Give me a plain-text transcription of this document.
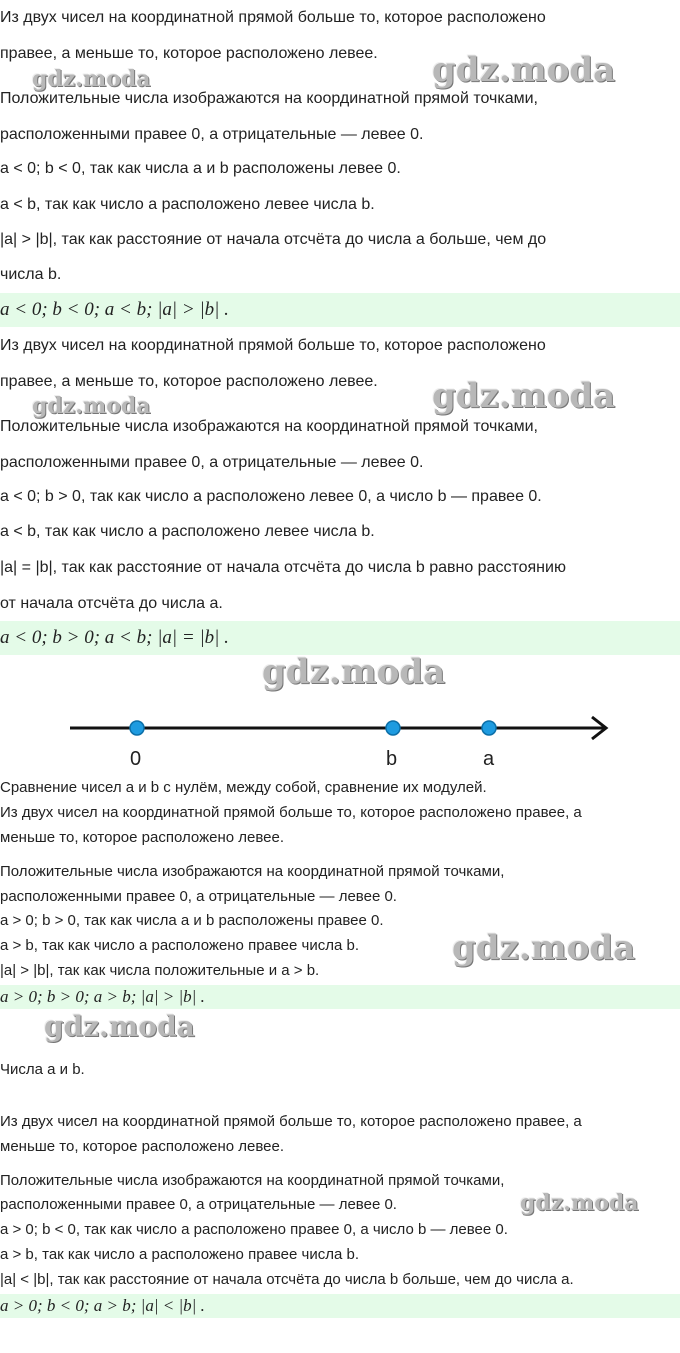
Из двух чисел на координатной прямой больше то, которое расположено
правее, а меньше то, которое расположено левее.
gdz.moda	gdz.moda
Положительные числа изображаются на координатной прямой точками,
расположенными правее 0, а отрицательные — левее 0.
a < 0; b < 0, так как числа a и b расположены левее 0.
a < b, так как число a расположено левее числа b.
|a| > |b|, так как расстояние от начала отсчёта до числа a больше, чем до
числа b.
a < 0; b < 0; a < b; |a| > |b| .
Из двух чисел на координатной прямой больше то, которое расположено
правее, а меньше то, которое расположено левее.
gdz.moda	gdz.moda
Положительные числа изображаются на координатной прямой точками,
расположенными правее 0, а отрицательные — левее 0.
a < 0; b > 0, так как число a расположено левее 0, а число b — правее 0.
a < b, так как число a расположено левее числа b.
|a| = |b|, так как расстояние от начала отсчёта до числа b равно расстоянию
от начала отсчёта до числа a.
a < 0; b > 0; a < b; |a| = |b| .
gdz.moda
0	b	a
Сравнение чисел a и b с нулём, между собой, сравнение их модулей.
Из двух чисел на координатной прямой больше то, которое расположено правее, а
меньше то, которое расположено левее.
Положительные числа изображаются на координатной прямой точками,
расположенными правее 0, а отрицательные — левее 0.
a > 0; b > 0, так как числа a и b расположены правее 0.
a > b, так как число a расположено правее числа b.
|a| > |b|, так как числа положительные и a > b.
gdz.moda
a > 0; b > 0; a > b; |a| > |b| .
gdz.moda
Числа a и b.
Из двух чисел на координатной прямой больше то, которое расположено правее, а
меньше то, которое расположено левее.
Положительные числа изображаются на координатной прямой точками,
расположенными правее 0, а отрицательные — левее 0.	gdz.moda
a > 0; b < 0, так как число a расположено правее 0, а число b — левее 0.
a > b, так как число a расположено правее числа b.
|a| < |b|, так как расстояние от начала отсчёта до числа b больше, чем до числа a.
a > 0; b < 0; a > b; |a| < |b| .
